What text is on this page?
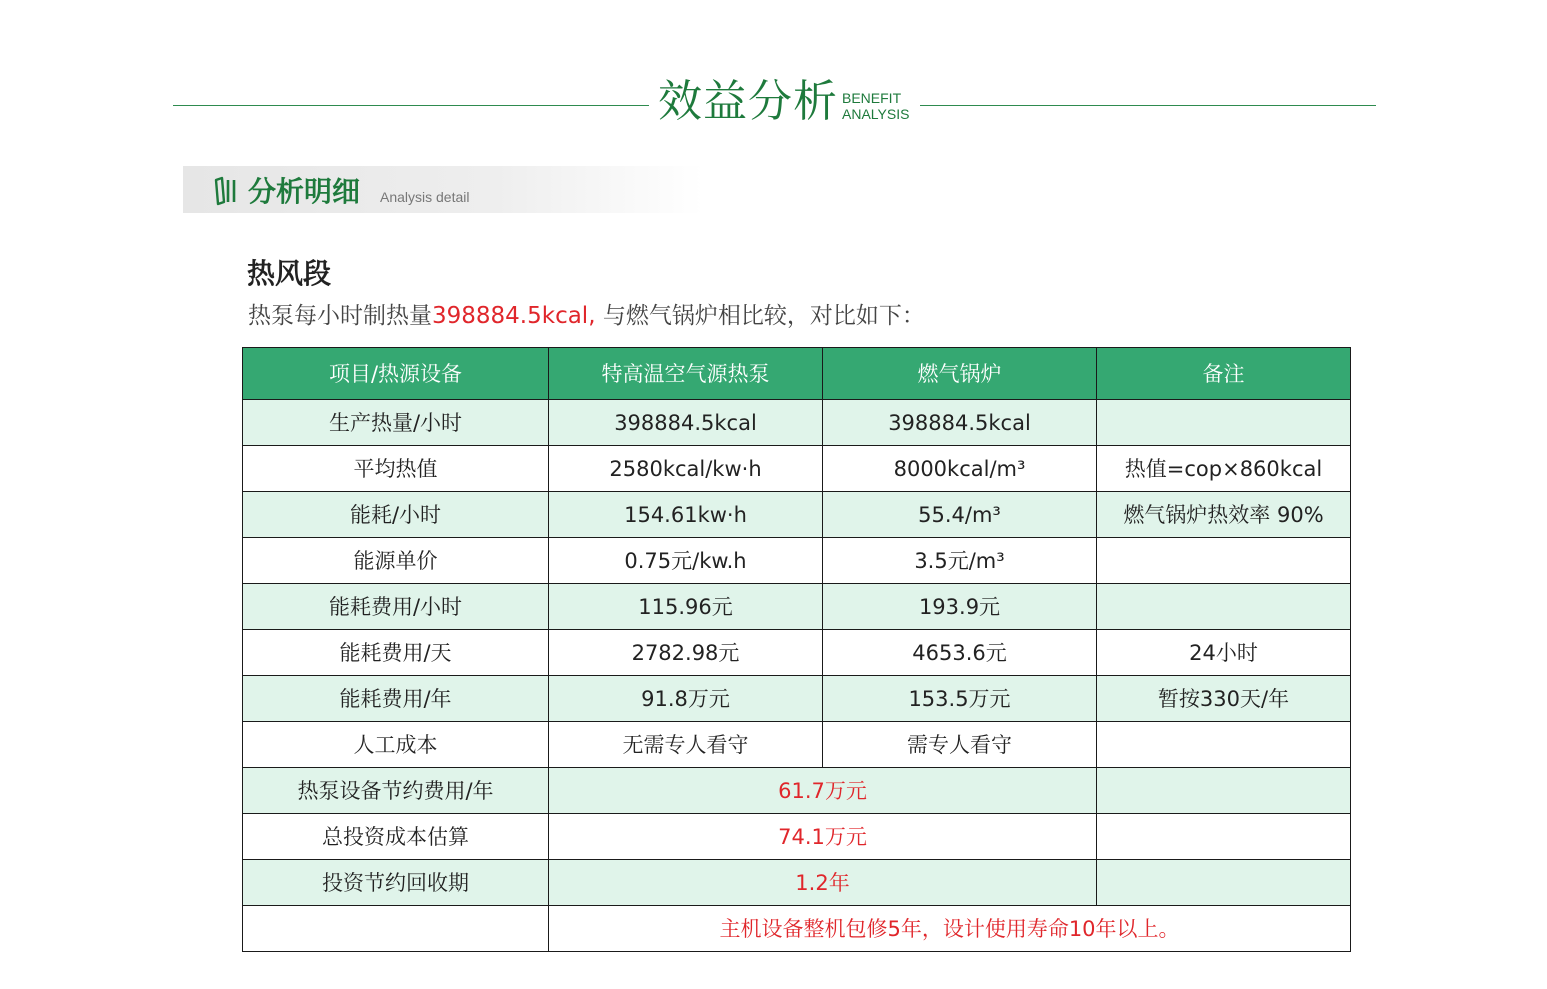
效益分析 BENEFIT
ANALYSIS
分析明细 Analysis detail
热风段
热泵每小时制热量398884.5kcal, 与燃气锅炉相比较，对比如下：
项目/热源设备	特高温空气源热泵	燃气锅炉	备注
生产热量/小时	398884.5kcal	398884.5kcal	
平均热值	2580kcal/kw·h	8000kcal/m³	热值=cop×860kcal
能耗/小时	154.61kw·h	55.4/m³	燃气锅炉热效率 90%
能源单价	0.75元/kw.h	3.5元/m³	
能耗费用/小时	115.96元	193.9元	
能耗费用/天	2782.98元	4653.6元	24小时
能耗费用/年	91.8万元	153.5万元	暂按330天/年
人工成本	无需专人看守	需专人看守	
热泵设备节约费用/年	61.7万元		
总投资成本估算	74.1万元		
投资节约回收期	1.2年		
	主机设备整机包修5年，设计使用寿命10年以上。		
